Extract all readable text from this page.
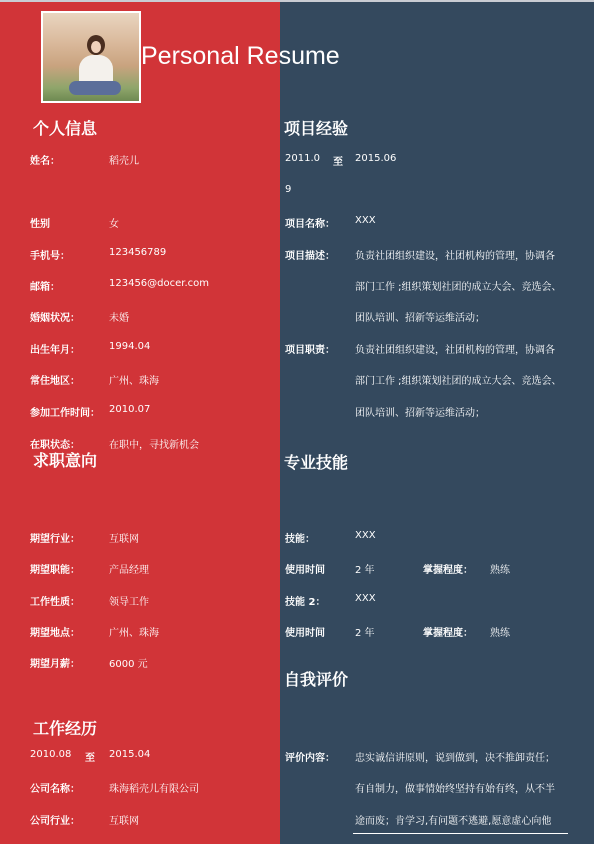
Personal Resume
个人信息
姓名：	稻壳儿
性别	女
手机号：	123456789
邮箱：	123456@docer.com
婚姻状况：	未婚
出生年月：	1994.04
常住地区：	广州、珠海
参加工作时间： 2010.07
在职状态：	在职中，寻找新机会
求职意向
期望行业：	互联网
期望职能：	产品经理
工作性质：	领导工作
期望地点：	广州、珠海
期望月薪：	6000 元
工作经历
2010.08 至 2015.04
公司名称：	珠海稻壳儿有限公司
公司行业：	互联网
项目经验
2011.0
9
至 2015.06
项目名称： XXX
项目描述： 负责社团组织建设，社团机构的管理，协调各
部门工作 ;组织策划社团的成立大会、竞选会、
团队培训、招新等运维活动；
项目职责： 负责社团组织建设，社团机构的管理，协调各
部门工作 ;组织策划社团的成立大会、竞选会、
团队培训、招新等运维活动；
专业技能
技能：	XXX
使用时间	2 年	掌握程度： 熟练
技能 2：	XXX
使用时间	2 年	掌握程度： 熟练
自我评价
评价内容： 忠实诚信讲原则，说到做到，决不推卸责任；
有自制力，做事情始终坚持有始有终，从不半
途而废；肯学习,有问题不逃避,愿意虚心向他
